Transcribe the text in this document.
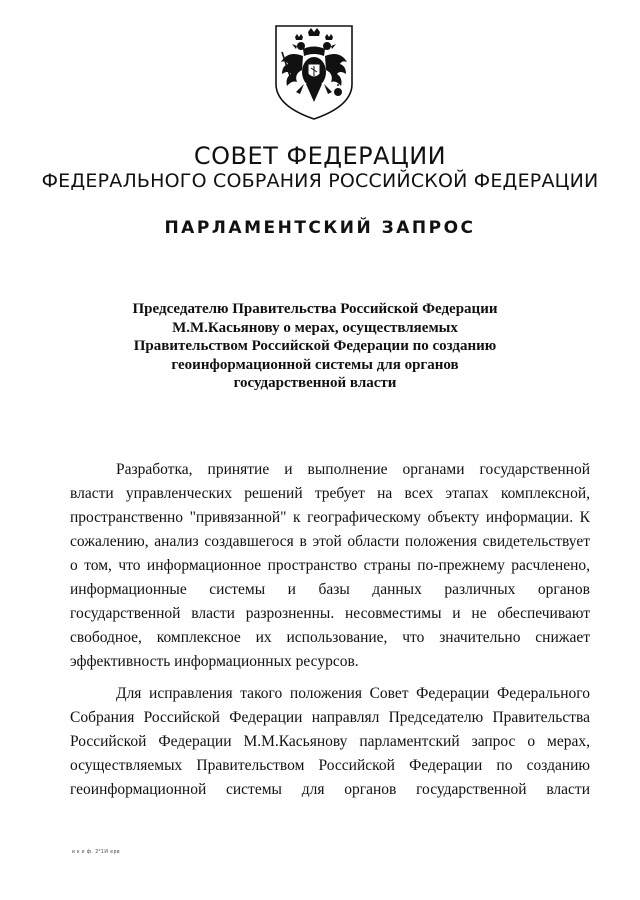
СОВЕТ ФЕДЕРАЦИИ
ФЕДЕРАЛЬНОГО СОБРАНИЯ РОССИЙСКОЙ ФЕДЕРАЦИИ
ПАРЛАМЕНТСКИЙ ЗАПРОС
Председателю Правительства Российской Федерации
М.М.Касьянову о мерах, осуществляемых
Правительством Российской Федерации по созданию
геоинформационной системы для органов
государственной власти
Разработка, принятие и выполнение органами государственной
власти управленческих решений требует на всех этапах комплексной,
пространственно "привязанной" к географическому объекту информации. К
сожалению, анализ создавшегося в этой области положения свидетельствует
о том, что информационное пространство страны по-прежнему расчленено,
информационные системы и базы данных различных органов
государственной власти разрозненны. несовместимы и не обеспечивают
свободное, комплексное их использование, что значительно снижает
эффективность информационных ресурсов.
Для исправления такого положения Совет Федерации Федерального
Собрания Российской Федерации направлял Председателю Правительства
Российской Федерации М.М.Касьянову парламентский запрос о мерах,
осуществляемых Правительством Российской Федерации по созданию
геоинформационной системы для органов государственной власти
и к е ф. 2*1И ерв
